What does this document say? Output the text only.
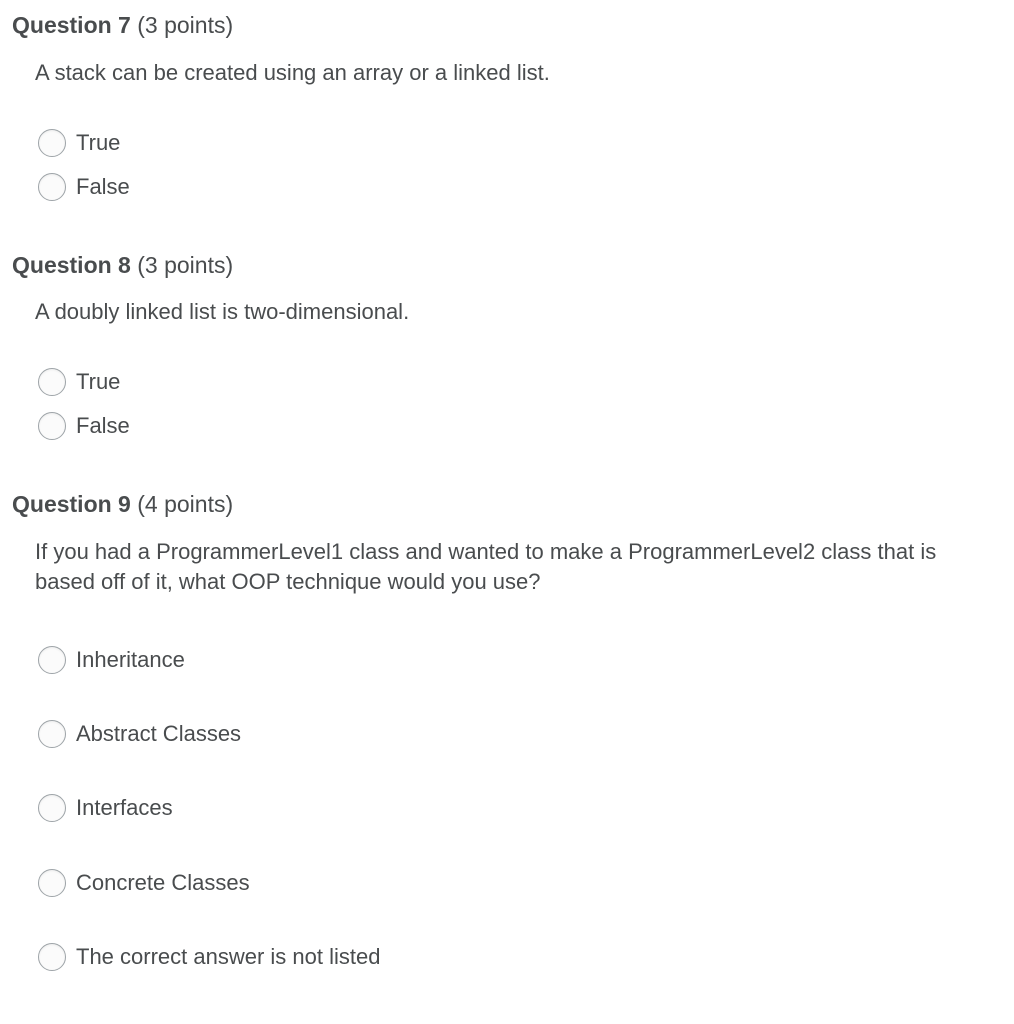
Question 7 (3 points)
A stack can be created using an array or a linked list.
True
False
Question 8 (3 points)
A doubly linked list is two-dimensional.
True
False
Question 9 (4 points)
If you had a ProgrammerLevel1 class and wanted to make a ProgrammerLevel2 class that is based off of it, what OOP technique would you use?
Inheritance
Abstract Classes
Interfaces
Concrete Classes
The correct answer is not listed
